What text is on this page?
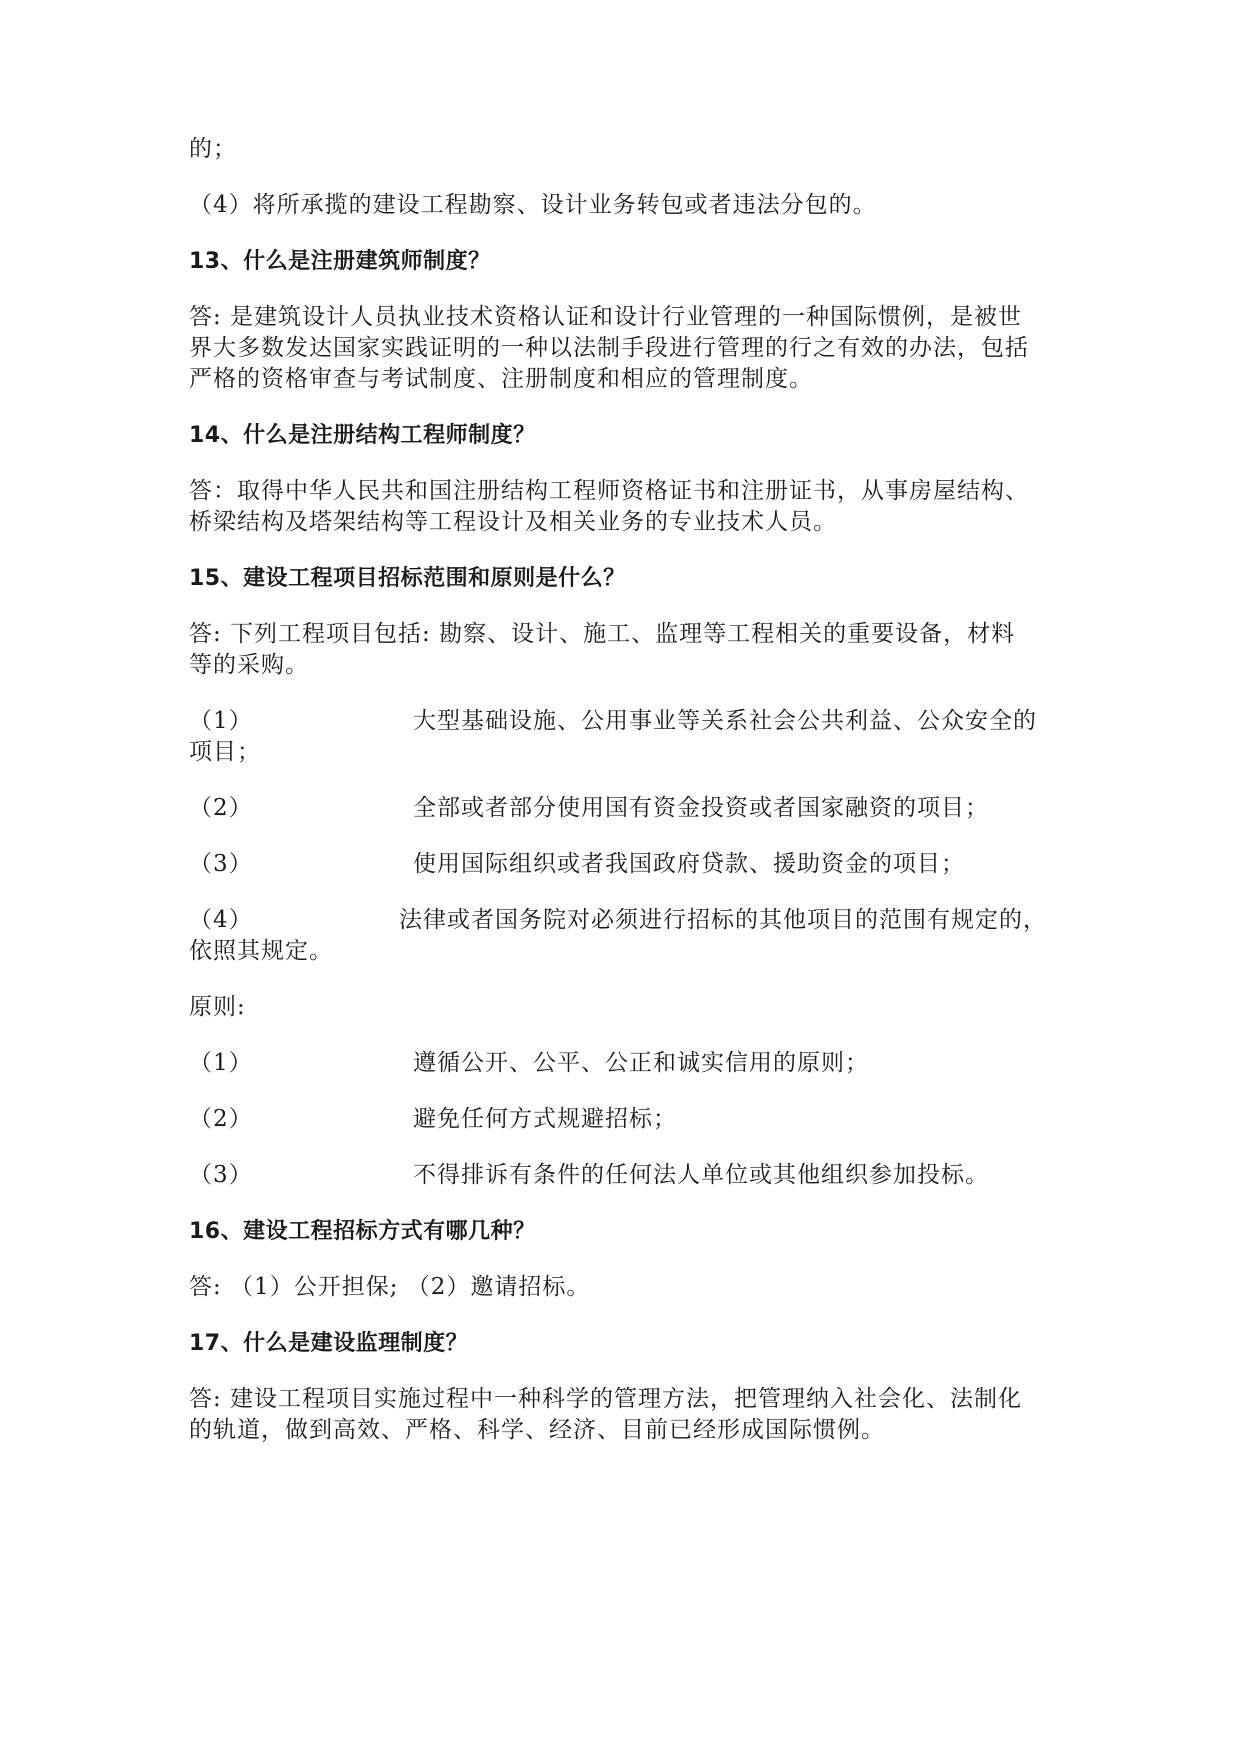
的；

（4）将所承揽的建设工程勘察、设计业务转包或者违法分包的。

13、什么是注册建筑师制度？

答: 是建筑设计人员执业技术资格认证和设计行业管理的一种国际惯例，是被世

界大多数发达国家实践证明的一种以法制手段进行管理的行之有效的办法，包括

严格的资格审查与考试制度、注册制度和相应的管理制度。

14、什么是注册结构工程师制度？

答：取得中华人民共和国注册结构工程师资格证书和注册证书，从事房屋结构、

桥梁结构及塔架结构等工程设计及相关业务的专业技术人员。

15、建设工程项目招标范围和原则是什么？

答: 下列工程项目包括: 勘察、设计、施工、监理等工程相关的重要设备，材料

等的采购。

（1）	大型基础设施、公用事业等关系社会公共利益、公众安全的

项目；

（2）	全部或者部分使用国有资金投资或者国家融资的项目；

（3）	使用国际组织或者我国政府贷款、援助资金的项目；

（4）	法律或者国务院对必须进行招标的其他项目的范围有规定的，

依照其规定。

原则:

（1）	遵循公开、公平、公正和诚实信用的原则；

（2）	避免任何方式规避招标；

（3）	不得排诉有条件的任何法人单位或其他组织参加投标。

16、建设工程招标方式有哪几种？

答: （1）公开担保; （2）邀请招标。

17、什么是建设监理制度？

答: 建设工程项目实施过程中一种科学的管理方法，把管理纳入社会化、法制化

的轨道，做到高效、严格、科学、经济、目前已经形成国际惯例。
